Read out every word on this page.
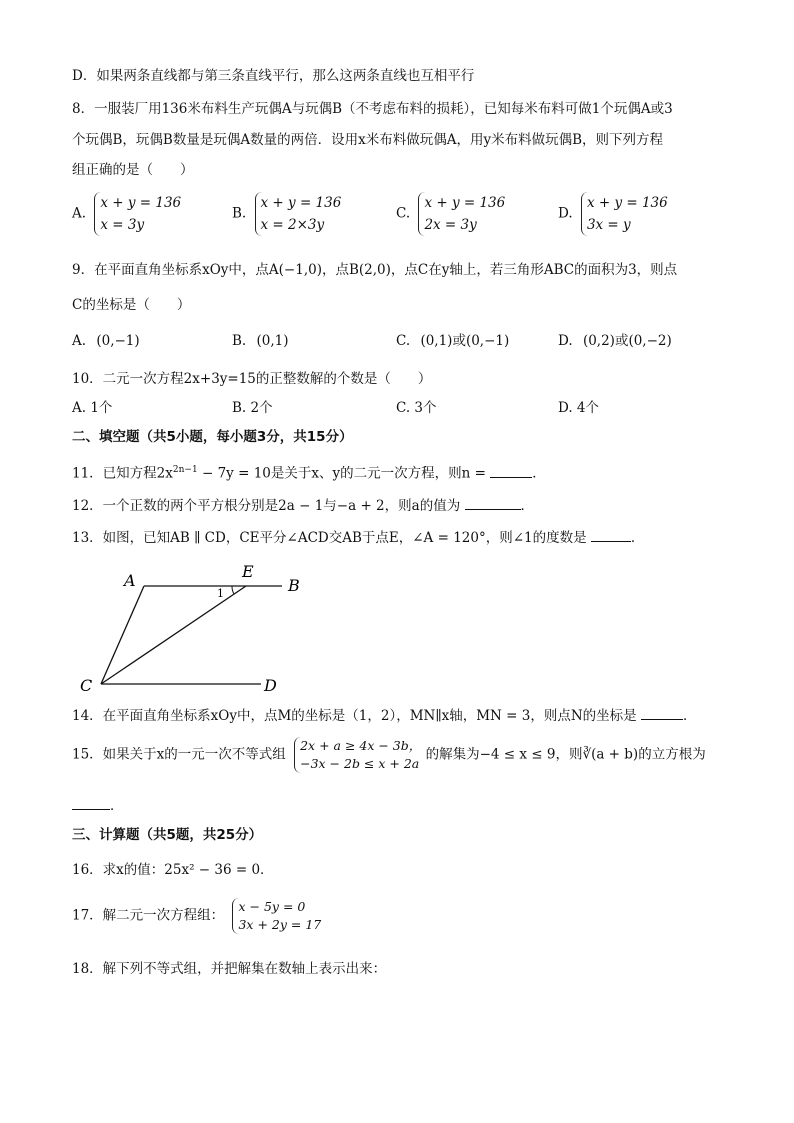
D．如果两条直线都与第三条直线平行，那么这两条直线也互相平行
8．一服装厂用136米布料生产玩偶A与玩偶B（不考虑布料的损耗），已知每米布料可做1个玩偶A或3
个玩偶B，玩偶B数量是玩偶A数量的两倍．设用x米布料做玩偶A，用y米布料做玩偶B，则下列方程
组正确的是（　　）
A.
x + y = 136
x = 3y
B.
x + y = 136
x = 2×3y
C.
x + y = 136
2x = 3y
D.
x + y = 136
3x = y
9．在平面直角坐标系xOy中，点A(−1,0)，点B(2,0)，点C在y轴上，若三角形ABC的面积为3，则点
C的坐标是（　　）
A. (0,−1)	B. (0,1)	C. (0,1)或(0,−1)	D. (0,2)或(0,−2)
10．二元一次方程2x+3y=15的正整数解的个数是（　　）
A. 1个	B. 2个	C. 3个	D. 4个
二、填空题（共5小题，每小题3分，共15分）
11．已知方程$2x^{2n-1} - 7y = 10$是关于x、y的二元一次方程，则n =	．
12．一个正数的两个平方根分别是2a − 1与−a + 2，则a的值为	．
13．如图，已知AB ∥ CD，CE平分∠ACD交AB于点E，∠A = 120°，则∠1的度数是	．
A	E
B
C	D
1
14．在平面直角坐标系xOy中，点M的坐标是（1，2），MN∥x轴，MN = 3，则点N的坐标是	．
15．如果关于x的一元一次不等式组
2x + a ≥ 4x − 3b，
−3x − 2b ≤ x + 2a
的解集为−4 ≤ x ≤ 9，则∛(a + b)的立方根为
．
三、计算题（共5题，共25分）
16．求x的值：25x² − 36 = 0．
17．解二元一次方程组：
x − 5y = 0
3x + 2y = 17
18．解下列不等式组，并把解集在数轴上表示出来：
